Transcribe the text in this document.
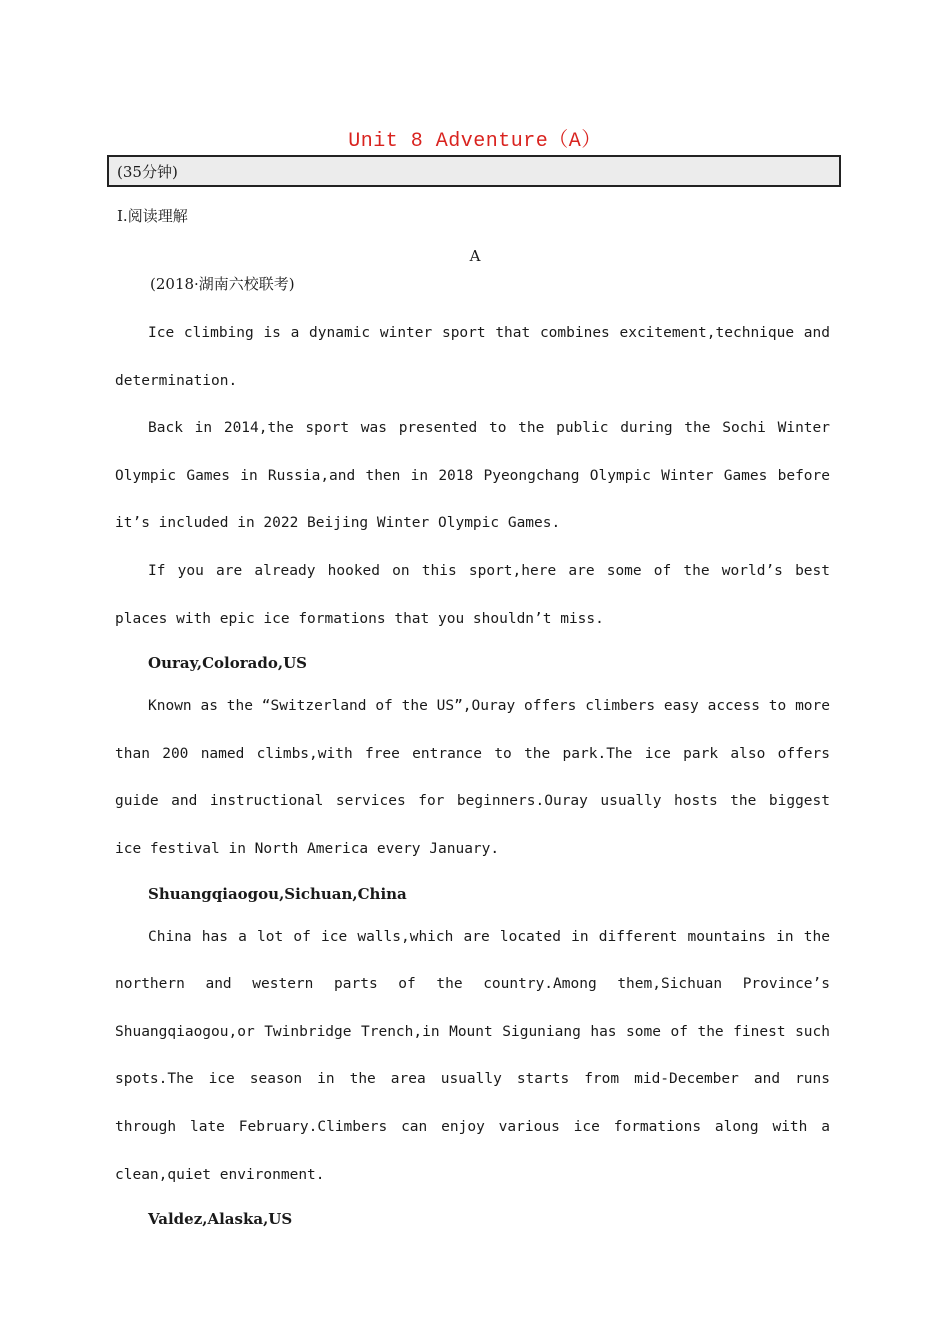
Unit 8 Adventure（A）
(35分钟)
Ⅰ.阅读理解
A
(2018·湖南六校联考)

Ice climbing is a dynamic winter sport that combines excitement,technique and determination.

Back in 2014,the sport was presented to the public during the Sochi Winter Olympic Games in Russia,and then in 2018 Pyeongchang Olympic Winter Games before it’s included in 2022 Beijing Winter Olympic Games.

If you are already hooked on this sport,here are some of the world’s best places with epic ice formations that you shouldn’t miss.

Ouray,Colorado,US

Known as the “Switzerland of the US”,Ouray offers climbers easy access to more than 200 named climbs,with free entrance to the park.The ice park also offers guide and instructional services for beginners.Ouray usually hosts the biggest ice festival in North America every January.

Shuangqiaogou,Sichuan,China

China has a lot of ice walls,which are located in different mountains in the northern and western parts of the country.Among them,Sichuan Province’s Shuangqiaogou,or Twinbridge Trench,in Mount Siguniang has some of the finest such spots.The ice season in the area usually starts from mid-December and runs through late February.Climbers can enjoy various ice formations along with a clean,quiet environment.

Valdez,Alaska,US
